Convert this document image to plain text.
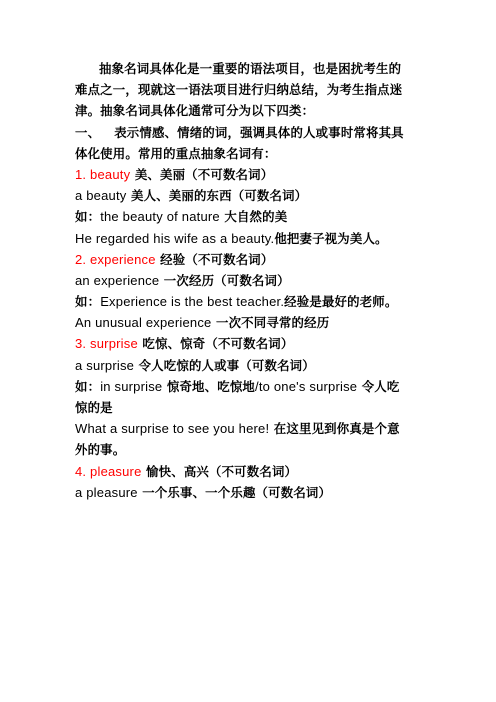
抽象名词具体化是一重要的语法项目，也是困扰考生的
难点之一，现就这一语法项目进行归纳总结，为考生指点迷
津。抽象名词具体化通常可分为以下四类：
一、 表示情感、情绪的词，强调具体的人或事时常将其具
体化使用。常用的重点抽象名词有：
1. beauty 美、美丽（不可数名词）
a beauty 美人、美丽的东西（可数名词）
如：the beauty of nature 大自然的美
He regarded his wife as a beauty.他把妻子视为美人。
2. experience 经验（不可数名词）
an experience 一次经历（可数名词）
如：Experience is the best teacher.经验是最好的老师。
An unusual experience 一次不同寻常的经历
3. surprise 吃惊、惊奇（不可数名词）
a surprise 令人吃惊的人或事（可数名词）
如：in surprise 惊奇地、吃惊地/to one's surprise 令人吃
惊的是
What a surprise to see you here! 在这里见到你真是个意
外的事。
4. pleasure 愉快、高兴（不可数名词）
a pleasure 一个乐事、一个乐趣（可数名词）
